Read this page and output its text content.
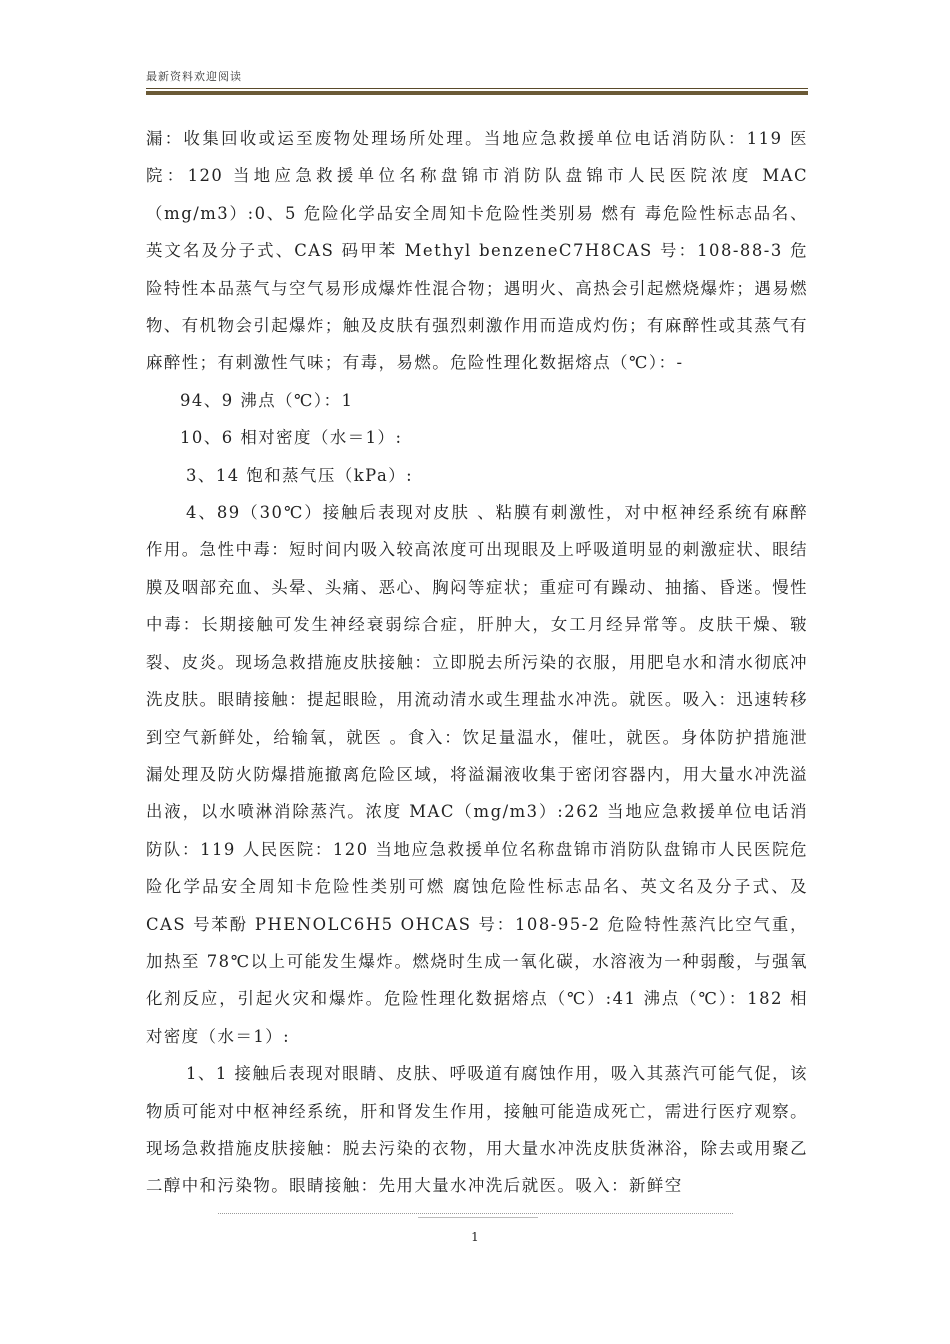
最新资料欢迎阅读

漏：收集回收或运至废物处理场所处理。当地应急救援单位电话消防队：119 医院：120 当地应急救援单位名称盘锦市消防队盘锦市人民医院浓度 MAC（mg/m3）:0、5 危险化学品安全周知卡危险性类别易 燃有 毒危险性标志品名、英文名及分子式、CAS 码甲苯 Methyl benzeneC7H8CAS 号：108-88-3 危险特性本品蒸气与空气易形成爆炸性混合物；遇明火、高热会引起燃烧爆炸；遇易燃物、有机物会引起爆炸；触及皮肤有强烈刺激作用而造成灼伤；有麻醉性或其蒸气有麻醉性；有刺激性气味；有毒，易燃。危险性理化数据熔点（℃）：-

94、9 沸点（℃）：1

10、6 相对密度（水＝1）:

3、14 饱和蒸气压（kPa）:

4、89（30℃）接触后表现对皮肤 、粘膜有刺激性，对中枢神经系统有麻醉作用。急性中毒：短时间内吸入较高浓度可出现眼及上呼吸道明显的刺激症状、眼结膜及咽部充血、头晕、头痛、恶心、胸闷等症状；重症可有躁动、抽搐、昏迷。慢性中毒：长期接触可发生神经衰弱综合症，肝肿大，女工月经异常等。皮肤干燥、皲裂、皮炎。现场急救措施皮肤接触：立即脱去所污染的衣服，用肥皂水和清水彻底冲洗皮肤。眼睛接触：提起眼睑，用流动清水或生理盐水冲洗。就医。吸入：迅速转移到空气新鲜处，给输氧，就医 。食入：饮足量温水，催吐，就医。身体防护措施泄漏处理及防火防爆措施撤离危险区域，将溢漏液收集于密闭容器内，用大量水冲洗溢出液，以水喷淋消除蒸汽。浓度 MAC（mg/m3）:262 当地应急救援单位电话消防队：119 人民医院：120 当地应急救援单位名称盘锦市消防队盘锦市人民医院危险化学品安全周知卡危险性类别可燃 腐蚀危险性标志品名、英文名及分子式、及 CAS 号苯酚 PHENOLC6H5 OHCAS 号：108-95-2 危险特性蒸汽比空气重，加热至 78℃以上可能发生爆炸。燃烧时生成一氧化碳，水溶液为一种弱酸，与强氧化剂反应，引起火灾和爆炸。危险性理化数据熔点（℃）:41 沸点（℃）：182 相对密度（水＝1）:

1、1 接触后表现对眼睛、皮肤、呼吸道有腐蚀作用，吸入其蒸汽可能气促，该物质可能对中枢神经系统，肝和肾发生作用，接触可能造成死亡，需进行医疗观察。现场急救措施皮肤接触：脱去污染的衣物，用大量水冲洗皮肤货淋浴，除去或用聚乙二醇中和污染物。眼睛接触：先用大量水冲洗后就医。吸入：新鲜空

1
